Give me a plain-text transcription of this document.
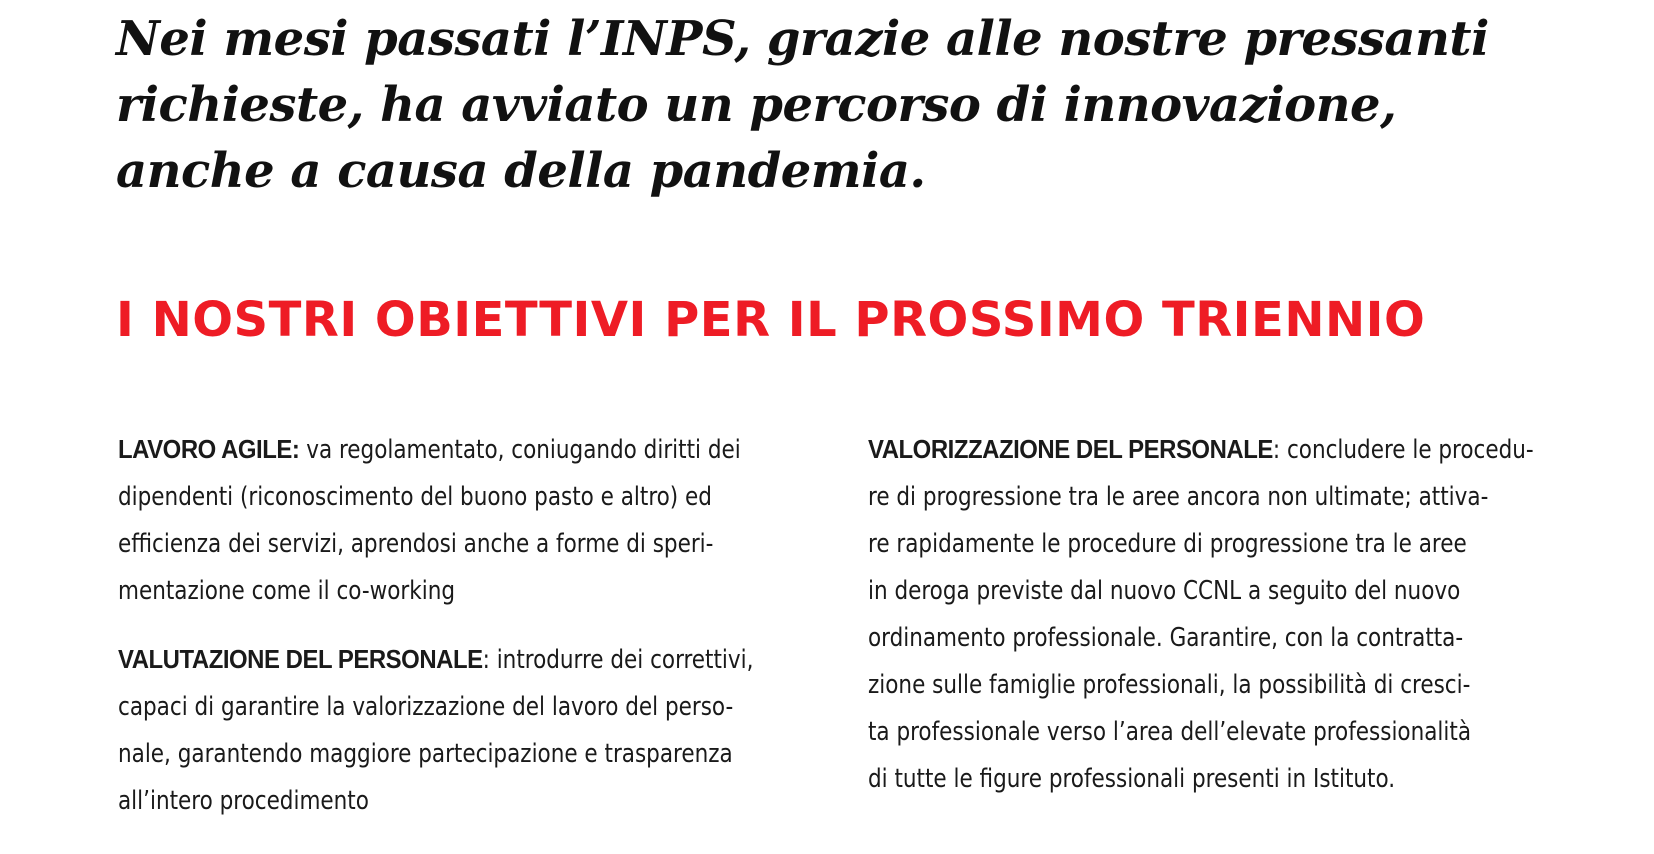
Nei mesi passati l’INPS, grazie alle nostre pressanti
richieste, ha avviato un percorso di innovazione,
anche a causa della pandemia.
I NOSTRI OBIETTIVI PER IL PROSSIMO TRIENNIO
LAVORO AGILE: va regolamentato, coniugando diritti dei
dipendenti (riconoscimento del buono pasto e altro) ed
efficienza dei servizi, aprendosi anche a forme di speri-
mentazione come il co-working
VALUTAZIONE DEL PERSONALE: introdurre dei correttivi,
capaci di garantire la valorizzazione del lavoro del perso-
nale, garantendo maggiore partecipazione e trasparenza
all’intero procedimento
VALORIZZAZIONE DEL PERSONALE: concludere le procedu-
re di progressione tra le aree ancora non ultimate; attiva-
re rapidamente le procedure di progressione tra le aree
in deroga previste dal nuovo CCNL a seguito del nuovo
ordinamento professionale. Garantire, con la contratta-
zione sulle famiglie professionali, la possibilità di cresci-
ta professionale verso l’area dell’elevate professionalità
di tutte le figure professionali presenti in Istituto.
